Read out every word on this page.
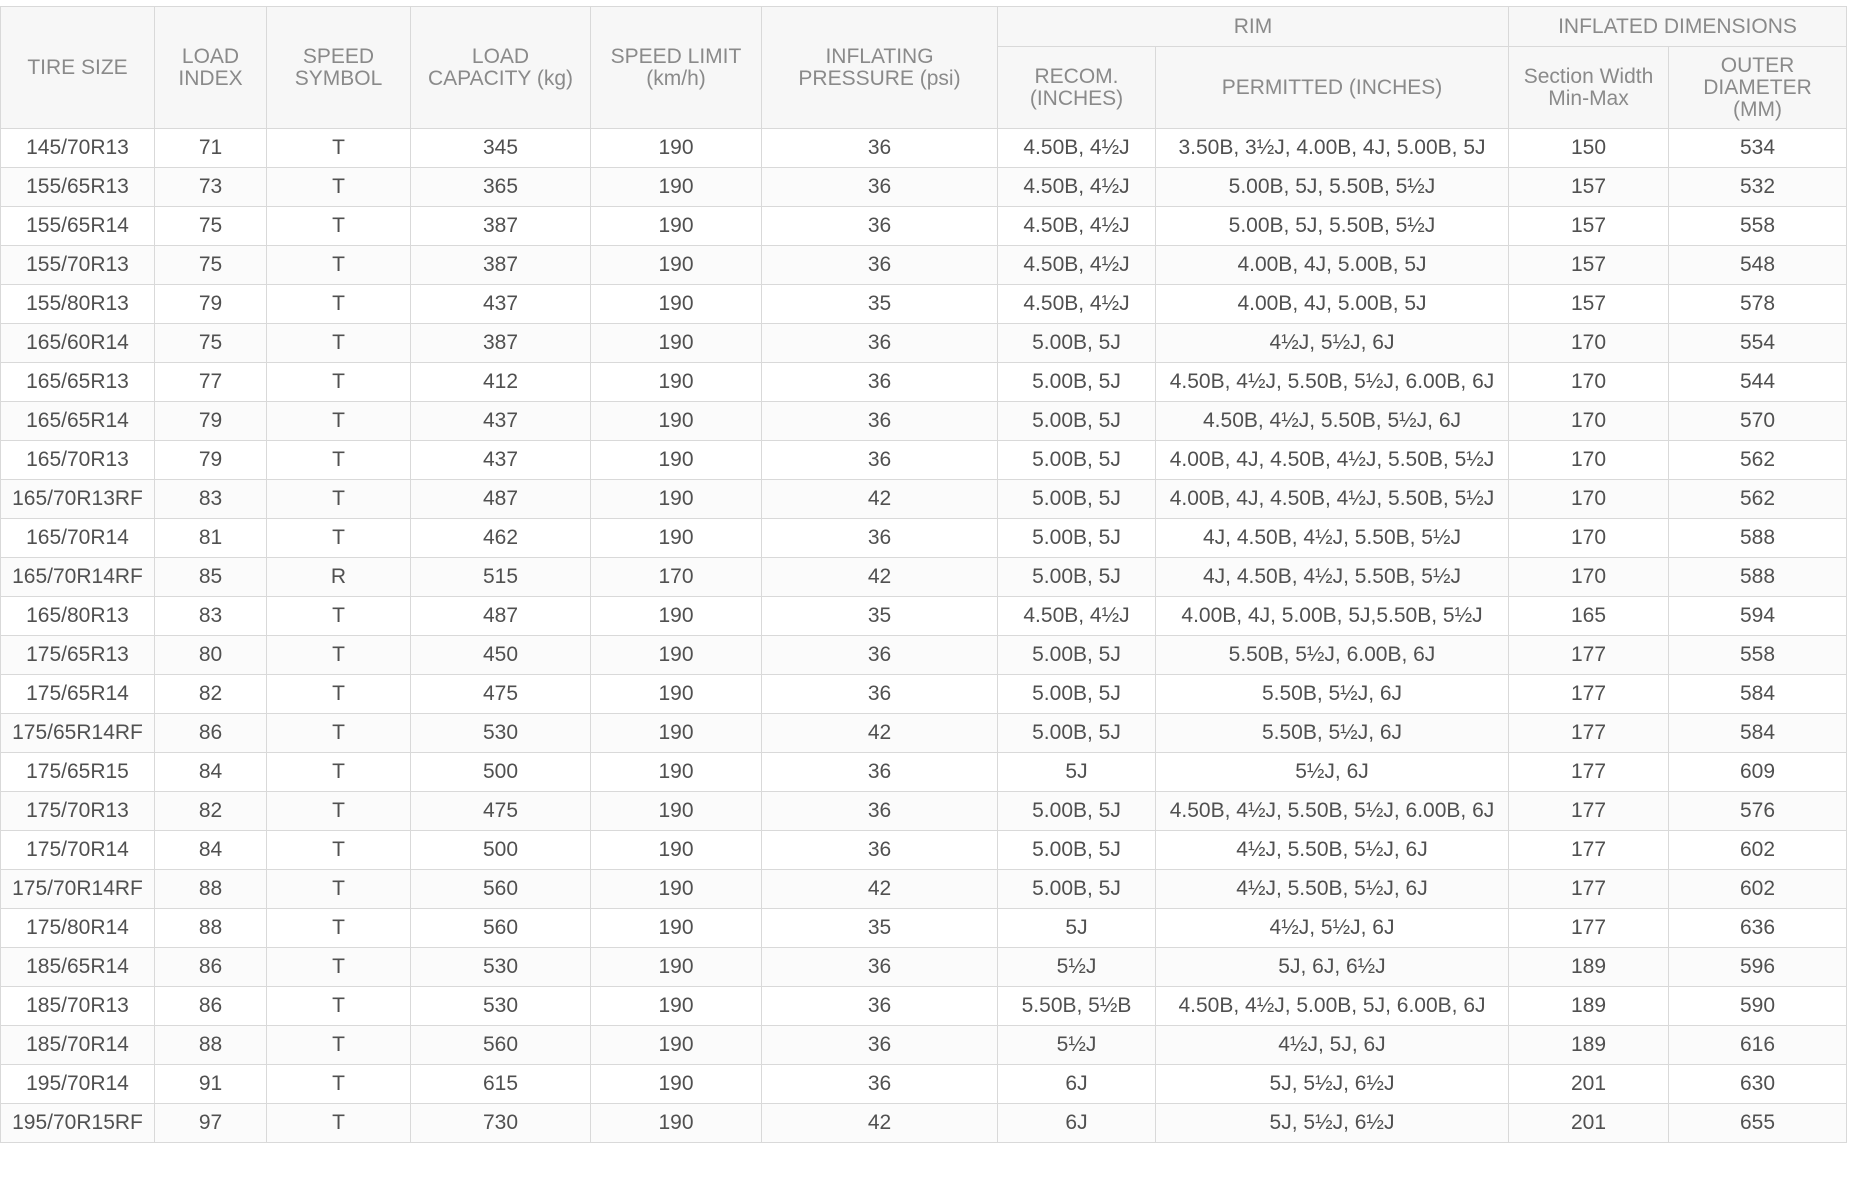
TIRE SIZE	LOAD INDEX	SPEED SYMBOL	LOAD CAPACITY (kg)	SPEED LIMIT (km/h)	INFLATING PRESSURE (psi)	RIM		INFLATED DIMENSIONS	
						RECOM. (INCHES)	PERMITTED (INCHES)	Section Width Min-Max	OUTER DIAMETER (MM)
145/70R13	71	T	345	190	36	4.50B, 4½J	3.50B, 3½J, 4.00B, 4J, 5.00B, 5J	150	534
155/65R13	73	T	365	190	36	4.50B, 4½J	5.00B, 5J, 5.50B, 5½J	157	532
155/65R14	75	T	387	190	36	4.50B, 4½J	5.00B, 5J, 5.50B, 5½J	157	558
155/70R13	75	T	387	190	36	4.50B, 4½J	4.00B, 4J, 5.00B, 5J	157	548
155/80R13	79	T	437	190	35	4.50B, 4½J	4.00B, 4J, 5.00B, 5J	157	578
165/60R14	75	T	387	190	36	5.00B, 5J	4½J, 5½J, 6J	170	554
165/65R13	77	T	412	190	36	5.00B, 5J	4.50B, 4½J, 5.50B, 5½J, 6.00B, 6J	170	544
165/65R14	79	T	437	190	36	5.00B, 5J	4.50B, 4½J, 5.50B, 5½J, 6J	170	570
165/70R13	79	T	437	190	36	5.00B, 5J	4.00B, 4J, 4.50B, 4½J, 5.50B, 5½J	170	562
165/70R13RF	83	T	487	190	42	5.00B, 5J	4.00B, 4J, 4.50B, 4½J, 5.50B, 5½J	170	562
165/70R14	81	T	462	190	36	5.00B, 5J	4J, 4.50B, 4½J, 5.50B, 5½J	170	588
165/70R14RF	85	R	515	170	42	5.00B, 5J	4J, 4.50B, 4½J, 5.50B, 5½J	170	588
165/80R13	83	T	487	190	35	4.50B, 4½J	4.00B, 4J, 5.00B, 5J,5.50B, 5½J	165	594
175/65R13	80	T	450	190	36	5.00B, 5J	5.50B, 5½J, 6.00B, 6J	177	558
175/65R14	82	T	475	190	36	5.00B, 5J	5.50B, 5½J, 6J	177	584
175/65R14RF	86	T	530	190	42	5.00B, 5J	5.50B, 5½J, 6J	177	584
175/65R15	84	T	500	190	36	5J	5½J, 6J	177	609
175/70R13	82	T	475	190	36	5.00B, 5J	4.50B, 4½J, 5.50B, 5½J, 6.00B, 6J	177	576
175/70R14	84	T	500	190	36	5.00B, 5J	4½J, 5.50B, 5½J, 6J	177	602
175/70R14RF	88	T	560	190	42	5.00B, 5J	4½J, 5.50B, 5½J, 6J	177	602
175/80R14	88	T	560	190	35	5J	4½J, 5½J, 6J	177	636
185/65R14	86	T	530	190	36	5½J	5J, 6J, 6½J	189	596
185/70R13	86	T	530	190	36	5.50B, 5½B	4.50B, 4½J, 5.00B, 5J, 6.00B, 6J	189	590
185/70R14	88	T	560	190	36	5½J	4½J, 5J, 6J	189	616
195/70R14	91	T	615	190	36	6J	5J, 5½J, 6½J	201	630
195/70R15RF	97	T	730	190	42	6J	5J, 5½J, 6½J	201	655
